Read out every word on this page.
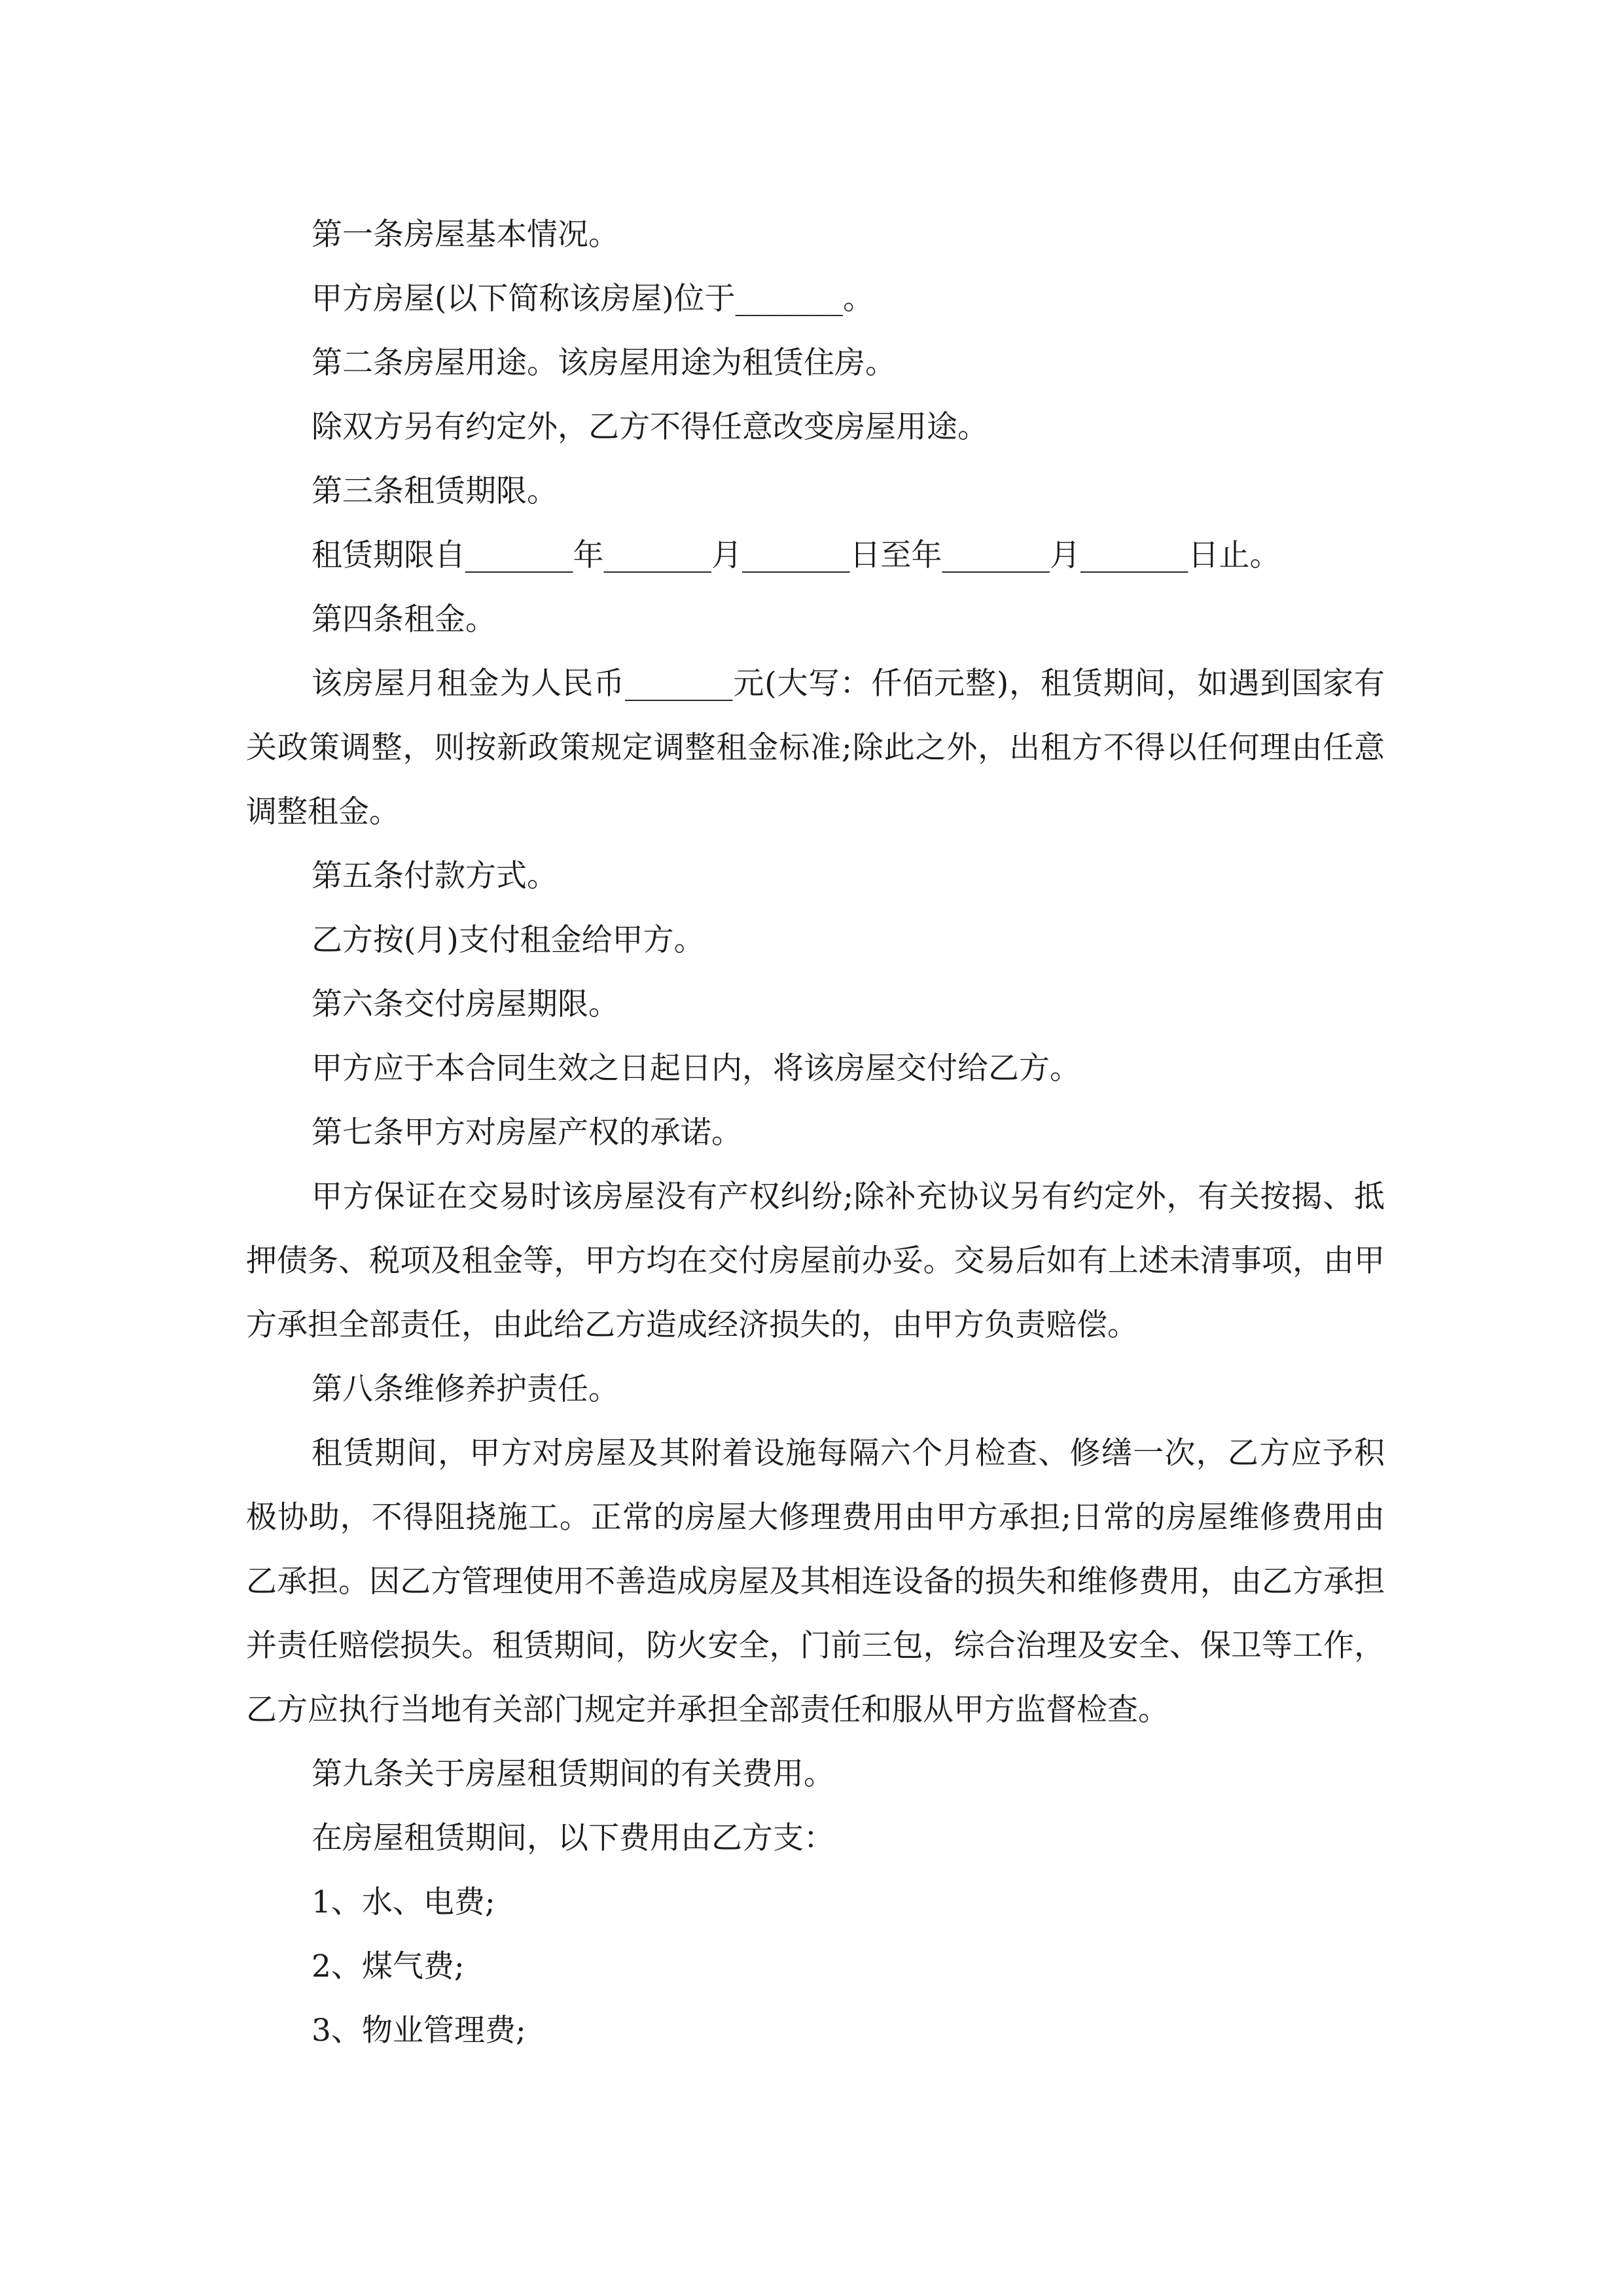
第一条房屋基本情况。

甲方房屋(以下简称该房屋)位于_______。

第二条房屋用途。该房屋用途为租赁住房。

除双方另有约定外，乙方不得任意改变房屋用途。

第三条租赁期限。

租赁期限自_______年_______月_______日至年_______月_______日止。

第四条租金。

该房屋月租金为人民币_______元(大写：仟佰元整)，租赁期间，如遇到国家有关政策调整，则按新政策规定调整租金标准;除此之外，出租方不得以任何理由任意调整租金。

第五条付款方式。

乙方按(月)支付租金给甲方。

第六条交付房屋期限。

甲方应于本合同生效之日起日内，将该房屋交付给乙方。

第七条甲方对房屋产权的承诺。

甲方保证在交易时该房屋没有产权纠纷;除补充协议另有约定外，有关按揭、抵押债务、税项及租金等，甲方均在交付房屋前办妥。交易后如有上述未清事项，由甲方承担全部责任，由此给乙方造成经济损失的，由甲方负责赔偿。

第八条维修养护责任。

租赁期间，甲方对房屋及其附着设施每隔六个月检查、修缮一次，乙方应予积极协助，不得阻挠施工。正常的房屋大修理费用由甲方承担;日常的房屋维修费用由乙承担。因乙方管理使用不善造成房屋及其相连设备的损失和维修费用，由乙方承担并责任赔偿损失。租赁期间，防火安全，门前三包，综合治理及安全、保卫等工作，乙方应执行当地有关部门规定并承担全部责任和服从甲方监督检查。

第九条关于房屋租赁期间的有关费用。

在房屋租赁期间，以下费用由乙方支：

1、水、电费;

2、煤气费;

3、物业管理费;
